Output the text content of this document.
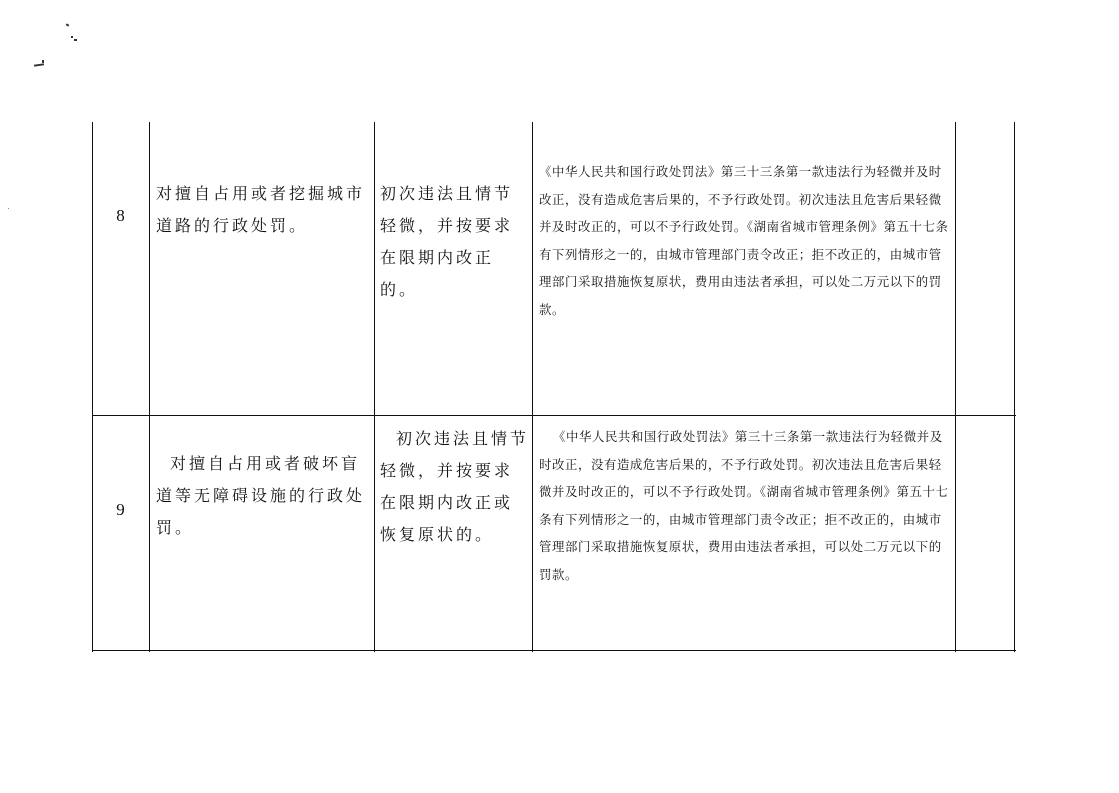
8
对擅自占用或者挖掘城市道路的行政处罚。
初次违法且情节轻微，并按要求在限期内改正的。
《中华人民共和国行政处罚法》第三十三条第一款违法行为轻微并及时改正，没有造成危害后果的，不予行政处罚。初次违法且危害后果轻微并及时改正的，可以不予行政处罚。《湖南省城市管理条例》第五十七条有下列情形之一的，由城市管理部门责令改正；拒不改正的，由城市管理部门采取措施恢复原状，费用由违法者承担，可以处二万元以下的罚款。
9
对擅自占用或者破坏盲道等无障碍设施的行政处罚。
初次违法且情节轻微，并按要求在限期内改正或恢复原状的。
《中华人民共和国行政处罚法》第三十三条第一款违法行为轻微并及时改正，没有造成危害后果的，不予行政处罚。初次违法且危害后果轻微并及时改正的，可以不予行政处罚。《湖南省城市管理条例》第五十七条有下列情形之一的，由城市管理部门责令改正；拒不改正的，由城市管理部门采取措施恢复原状，费用由违法者承担，可以处二万元以下的罚款。
